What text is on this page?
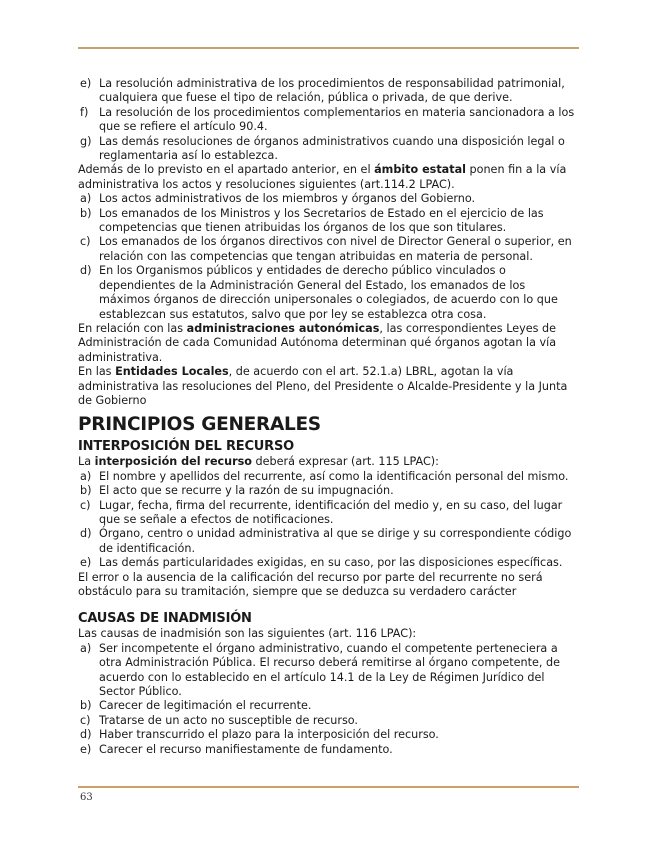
e) La resolución administrativa de los procedimientos de responsabilidad patrimonial, cualquiera que fuese el tipo de relación, pública o privada, de que derive.
f) La resolución de los procedimientos complementarios en materia sancionadora a los que se refiere el artículo 90.4.
g) Las demás resoluciones de órganos administrativos cuando una disposición legal o reglamentaria así lo establezca.

Además de lo previsto en el apartado anterior, en el ámbito estatal ponen fin a la vía administrativa los actos y resoluciones siguientes (art.114.2 LPAC).

a) Los actos administrativos de los miembros y órganos del Gobierno.
b) Los emanados de los Ministros y los Secretarios de Estado en el ejercicio de las competencias que tienen atribuidas los órganos de los que son titulares.
c) Los emanados de los órganos directivos con nivel de Director General o superior, en relación con las competencias que tengan atribuidas en materia de personal.
d) En los Organismos públicos y entidades de derecho público vinculados o dependientes de la Administración General del Estado, los emanados de los máximos órganos de dirección unipersonales o colegiados, de acuerdo con lo que establezcan sus estatutos, salvo que por ley se establezca otra cosa.

En relación con las administraciones autonómicas, las correspondientes Leyes de Administración de cada Comunidad Autónoma determinan qué órganos agotan la vía administrativa.

En las Entidades Locales, de acuerdo con el art. 52.1.a) LBRL, agotan la vía administrativa las resoluciones del Pleno, del Presidente o Alcalde-Presidente y la Junta de Gobierno

PRINCIPIOS GENERALES
INTERPOSICIÓN DEL RECURSO

La interposición del recurso deberá expresar (art. 115 LPAC):

a) El nombre y apellidos del recurrente, así como la identificación personal del mismo.
b) El acto que se recurre y la razón de su impugnación.
c) Lugar, fecha, firma del recurrente, identificación del medio y, en su caso, del lugar que se señale a efectos de notificaciones.
d) Órgano, centro o unidad administrativa al que se dirige y su correspondiente código de identificación.
e) Las demás particularidades exigidas, en su caso, por las disposiciones específicas.

El error o la ausencia de la calificación del recurso por parte del recurrente no será obstáculo para su tramitación, siempre que se deduzca su verdadero carácter

CAUSAS DE INADMISIÓN

Las causas de inadmisión son las siguientes (art. 116 LPAC):

a) Ser incompetente el órgano administrativo, cuando el competente perteneciera a otra Administración Pública. El recurso deberá remitirse al órgano competente, de acuerdo con lo establecido en el artículo 14.1 de la Ley de Régimen Jurídico del Sector Público.
b) Carecer de legitimación el recurrente.
c) Tratarse de un acto no susceptible de recurso.
d) Haber transcurrido el plazo para la interposición del recurso.
e) Carecer el recurso manifiestamente de fundamento.
63
